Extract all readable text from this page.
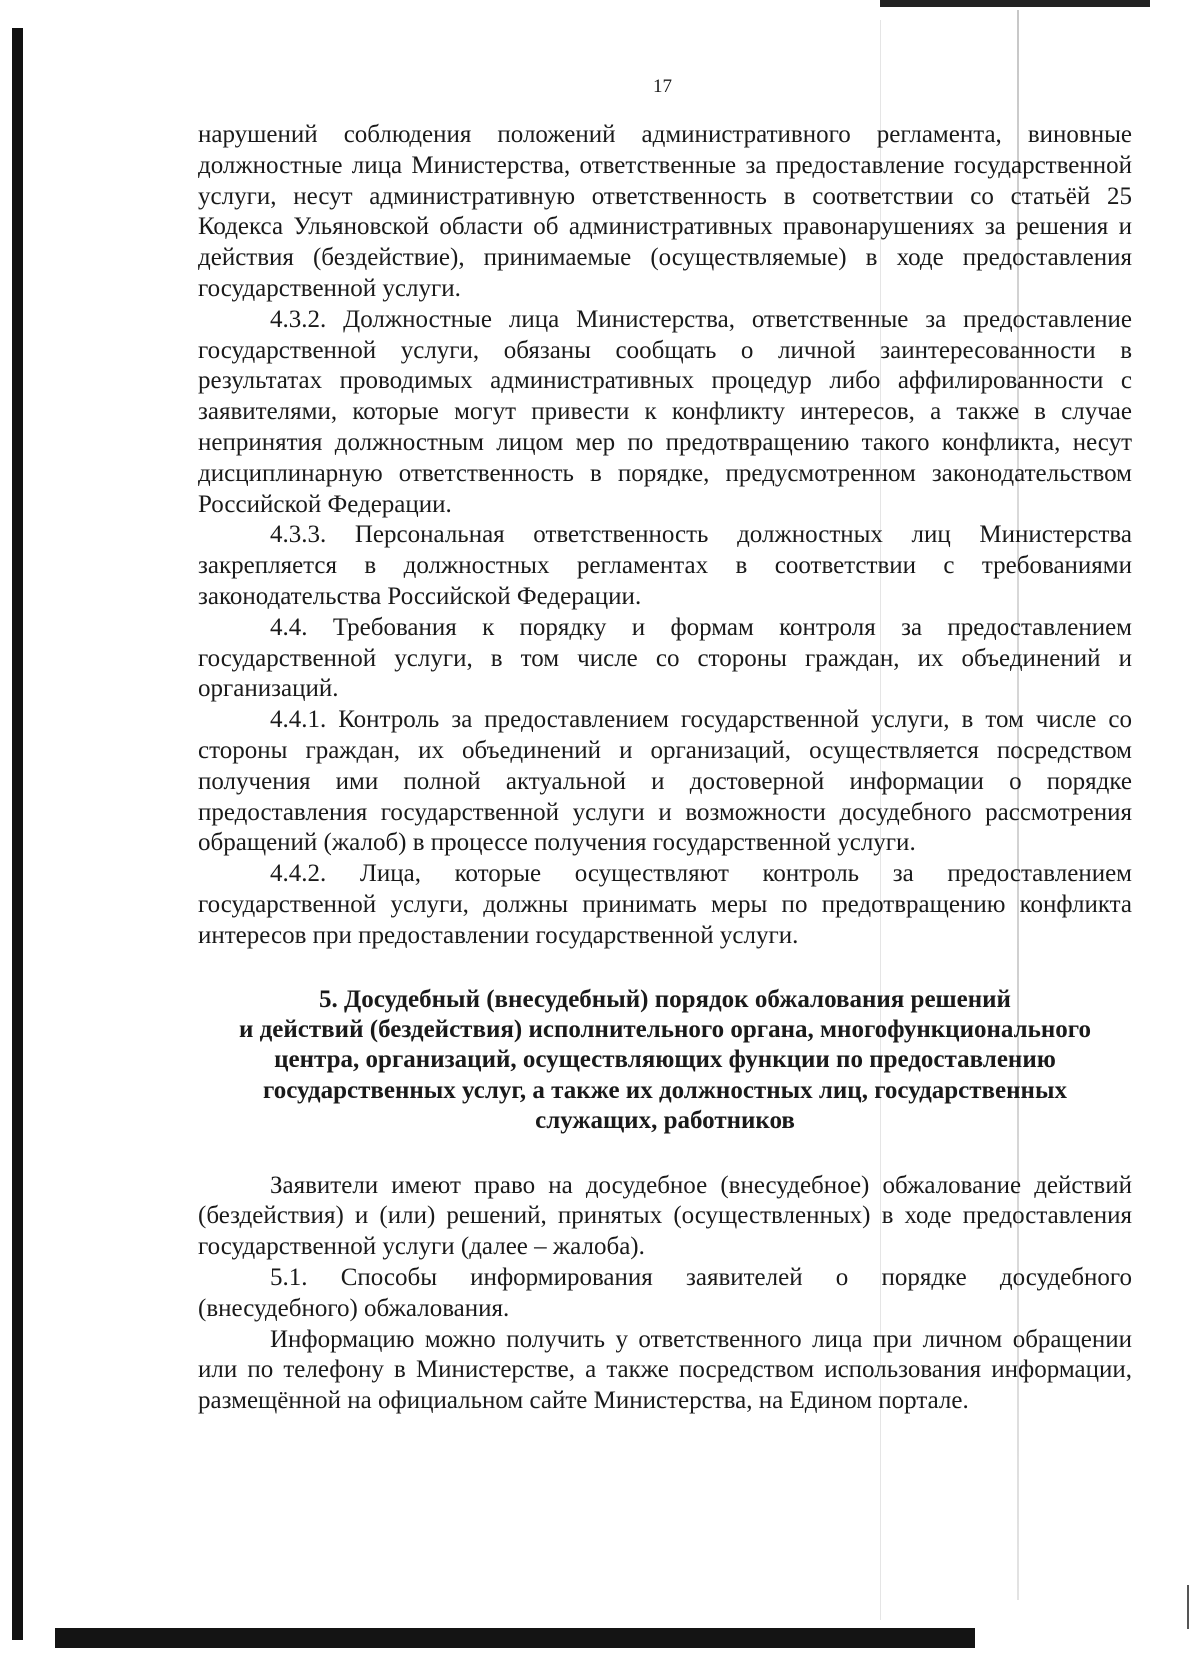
17

нарушений соблюдения положений административного регламента, виновные должностные лица Министерства, ответственные за предоставление государственной услуги, несут административную ответственность в соответствии со статьёй 25 Кодекса Ульяновской области об административных правонарушениях за решения и действия (бездействие), принимаемые (осуществляемые) в ходе предоставления государственной услуги.

4.3.2. Должностные лица Министерства, ответственные за предоставление государственной услуги, обязаны сообщать о личной заинтересованности в результатах проводимых административных процедур либо аффилированности с заявителями, которые могут привести к конфликту интересов, а также в случае непринятия должностным лицом мер по предотвращению такого конфликта, несут дисциплинарную ответственность в порядке, предусмотренном законодательством Российской Федерации.

4.3.3. Персональная ответственность должностных лиц Министерства закрепляется в должностных регламентах в соответствии с требованиями законодательства Российской Федерации.

4.4. Требования к порядку и формам контроля за предоставлением государственной услуги, в том числе со стороны граждан, их объединений и организаций.

4.4.1. Контроль за предоставлением государственной услуги, в том числе со стороны граждан, их объединений и организаций, осуществляется посредством получения ими полной актуальной и достоверной информации о порядке предоставления государственной услуги и возможности досудебного рассмотрения обращений (жалоб) в процессе получения государственной услуги.

4.4.2. Лица, которые осуществляют контроль за предоставлением государственной услуги, должны принимать меры по предотвращению конфликта интересов при предоставлении государственной услуги.

5. Досудебный (внесудебный) порядок обжалования решений
и действий (бездействия) исполнительного органа, многофункционального
центра, организаций, осуществляющих функции по предоставлению
государственных услуг, а также их должностных лиц, государственных
служащих, работников

Заявители имеют право на досудебное (внесудебное) обжалование действий (бездействия) и (или) решений, принятых (осуществленных) в ходе предоставления государственной услуги (далее – жалоба).

5.1. Способы информирования заявителей о порядке досудебного (внесудебного) обжалования.

Информацию можно получить у ответственного лица при личном обращении или по телефону в Министерстве, а также посредством использования информации, размещённой на официальном сайте Министерства, на Едином портале.
